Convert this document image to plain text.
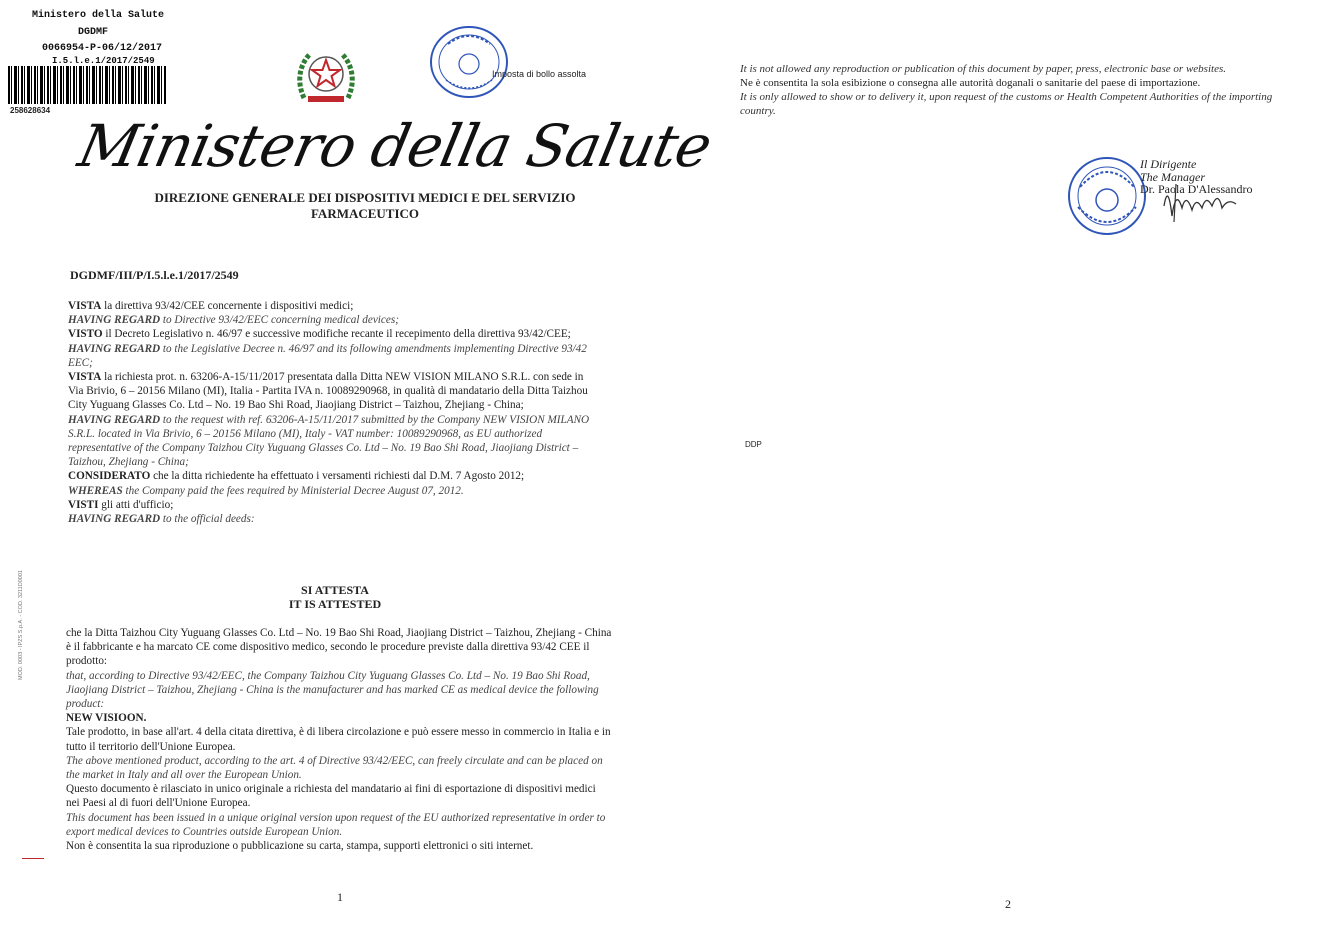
Ministero della Salute
DGDMF
0066954-P-06/12/2017
I.5.l.e.1/2017/2549
258628634
Imposta di bollo assolta
Ministero della Salute
DIREZIONE GENERALE DEI DISPOSITIVI MEDICI E DEL SERVIZIO FARMACEUTICO
DGDMF/III/P/I.5.l.e.1/2017/2549

VISTA la direttiva 93/42/CEE concernente i dispositivi medici;

HAVING REGARD to Directive 93/42/EEC concerning medical devices;

VISTO il Decreto Legislativo n. 46/97 e successive modifiche recante il recepimento della direttiva 93/42/CEE;

HAVING REGARD to the Legislative Decree n. 46/97 and its following amendments implementing Directive 93/42 EEC;

VISTA la richiesta prot. n. 63206-A-15/11/2017 presentata dalla Ditta NEW VISION MILANO S.R.L. con sede in Via Brivio, 6 – 20156 Milano (MI), Italia - Partita IVA n. 10089290968, in qualità di mandatario della Ditta Taizhou City Yuguang Glasses Co. Ltd – No. 19 Bao Shi Road, Jiaojiang District – Taizhou, Zhejiang - China;

HAVING REGARD to the request with ref. 63206-A-15/11/2017 submitted by the Company NEW VISION MILANO S.R.L. located in Via Brivio, 6 – 20156 Milano (MI), Italy - VAT number: 10089290968, as EU authorized representative of the Company Taizhou City Yuguang Glasses Co. Ltd – No. 19 Bao Shi Road, Jiaojiang District – Taizhou, Zhejiang - China;

CONSIDERATO che la ditta richiedente ha effettuato i versamenti richiesti dal D.M. 7 Agosto 2012;

WHEREAS the Company paid the fees required by Ministerial Decree August 07, 2012.

VISTI gli atti d'ufficio;

HAVING REGARD to the official deeds:

SI ATTESTA
IT IS ATTESTED

che la Ditta Taizhou City Yuguang Glasses Co. Ltd – No. 19 Bao Shi Road, Jiaojiang District – Taizhou, Zhejiang - China è il fabbricante e ha marcato CE come dispositivo medico, secondo le procedure previste dalla direttiva 93/42 CEE il prodotto:

that, according to Directive 93/42/EEC, the Company Taizhou City Yuguang Glasses Co. Ltd – No. 19 Bao Shi Road, Jiaojiang District – Taizhou, Zhejiang - China is the manufacturer and has marked CE as medical device the following product:

NEW VISIOON.

Tale prodotto, in base all'art. 4 della citata direttiva, è di libera circolazione e può essere messo in commercio in Italia e in tutto il territorio dell'Unione Europea.

The above mentioned product, according to the art. 4 of Directive 93/42/EEC, can freely circulate and can be placed on the market in Italy and all over the European Union.

Questo documento è rilasciato in unico originale a richiesta del mandatario ai fini di esportazione di dispositivi medici nei Paesi al di fuori dell'Unione Europea.

This document has been issued in a unique original version upon request of the EU authorized representative in order to export medical devices to Countries outside European Union.

Non è consentita la sua riproduzione o pubblicazione su carta, stampa, supporti elettronici o siti internet.

MOD. 0003 - IPZS S.p.A. - COD. 3211D0001
1

It is not allowed any reproduction or publication of this document by paper, press, electronic base or websites.

Ne è consentita la sola esibizione o consegna alle autorità doganali o sanitarie del paese di importazione.

It is only allowed to show or to delivery it, upon request of the customs or Health Competent Authorities of the importing country.

Il Dirigente
The Manager
Dr. Paola D'Alessandro
DDP
2
